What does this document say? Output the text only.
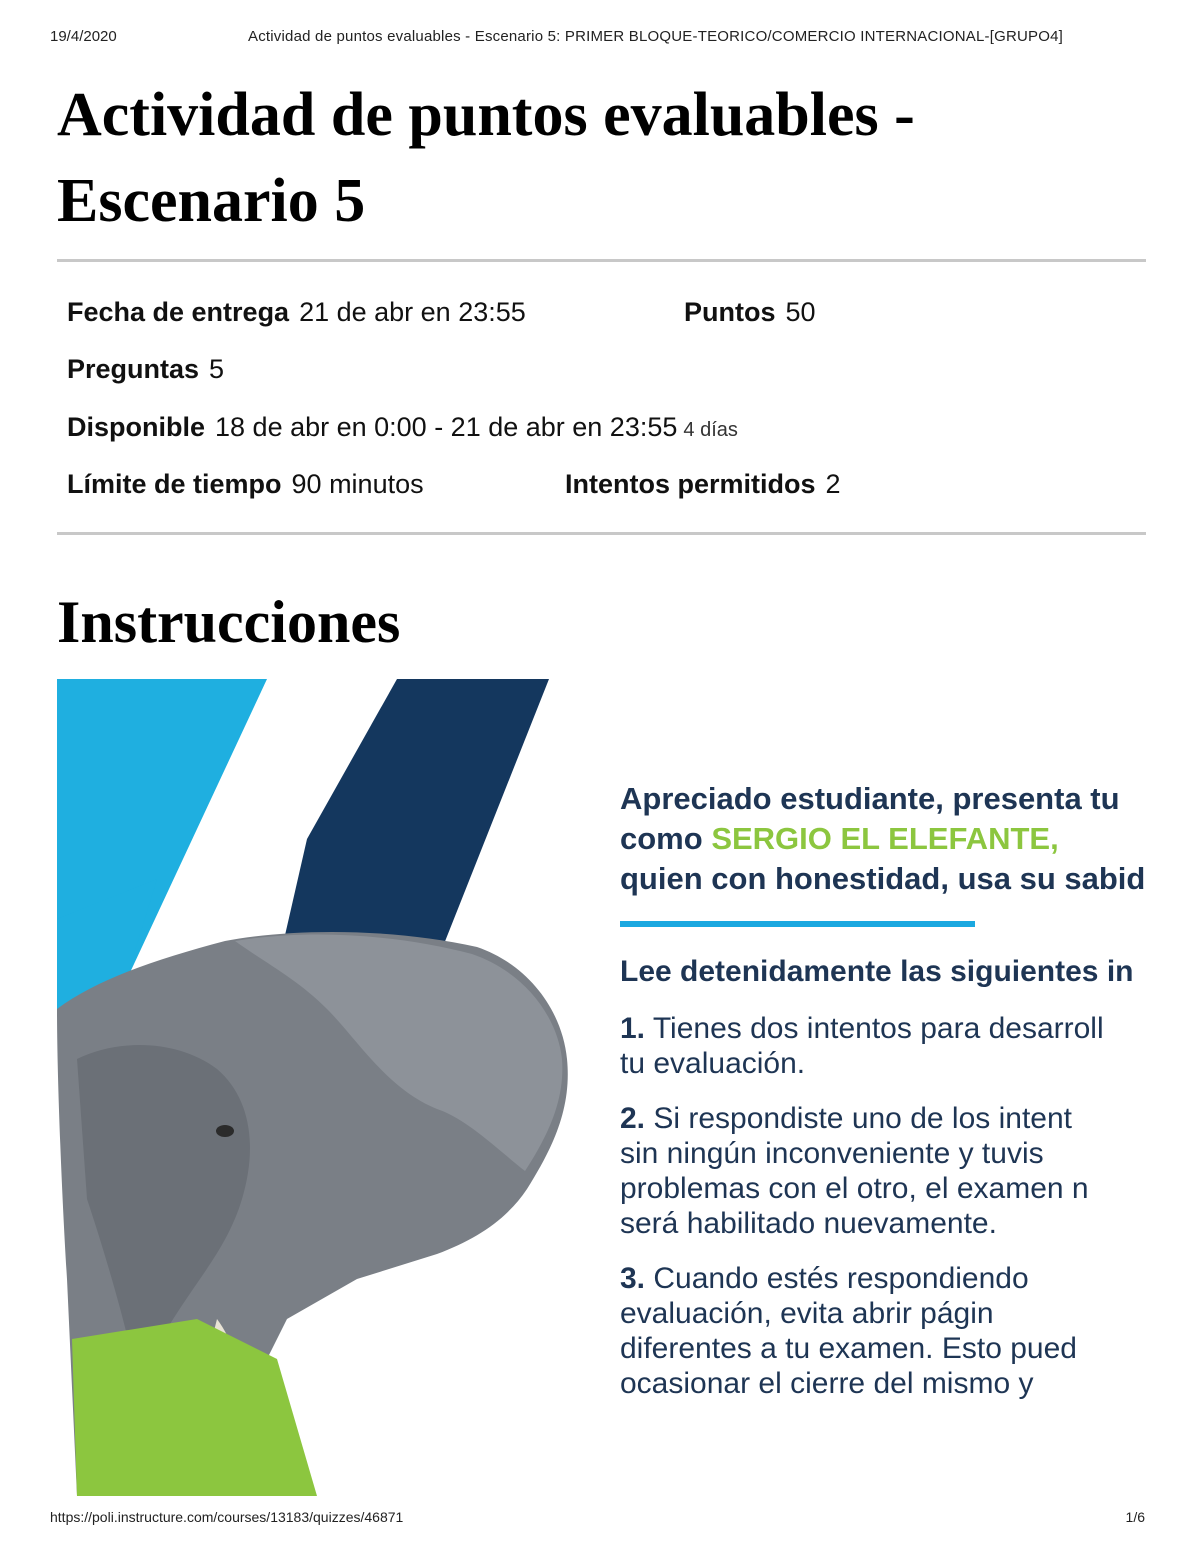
19/4/2020	Actividad de puntos evaluables - Escenario 5: PRIMER BLOQUE-TEORICO/COMERCIO INTERNACIONAL-[GRUPO4]
Actividad de puntos evaluables -
Escenario 5
Fecha de entrega 21 de abr en 23:55	Puntos 50
Preguntas 5
Disponible 18 de abr en 0:00 - 21 de abr en 23:55 4 días
Límite de tiempo 90 minutos	Intentos permitidos 2
Instrucciones
Apreciado estudiante, presenta tu
como SERGIO EL ELEFANTE,
quien con honestidad, usa su sabid
Lee detenidamente las siguientes in
1. Tienes dos intentos para desarroll
tu evaluación.
2. Si respondiste uno de los intent
sin ningún inconveniente y tuvis
problemas con el otro, el examen n
será habilitado nuevamente.
3. Cuando estés respondiendo
evaluación, evita abrir págin
diferentes a tu examen. Esto pued
ocasionar el cierre del mismo y
https://poli.instructure.com/courses/13183/quizzes/46871	1/6
